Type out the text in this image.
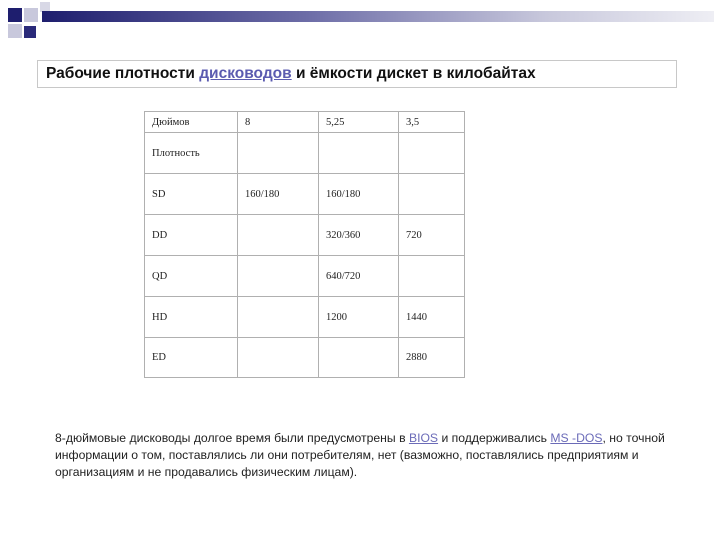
Рабочие плотности дисководов и ёмкости дискет в килобайтах
Дюймов	8	5,25	3,5
Плотность			
SD	160/180	160/180	
DD		320/360	720
QD		640/720	
HD		1200	1440
ED			2880
8-дюймовые дисководы долгое время были предусмотрены в BIOS и поддерживались MS -DOS, но точной информации о том, поставлялись ли они потребителям, нет (вазможно, поставлялись предприятиям и организациям и не продавались физическим лицам).
